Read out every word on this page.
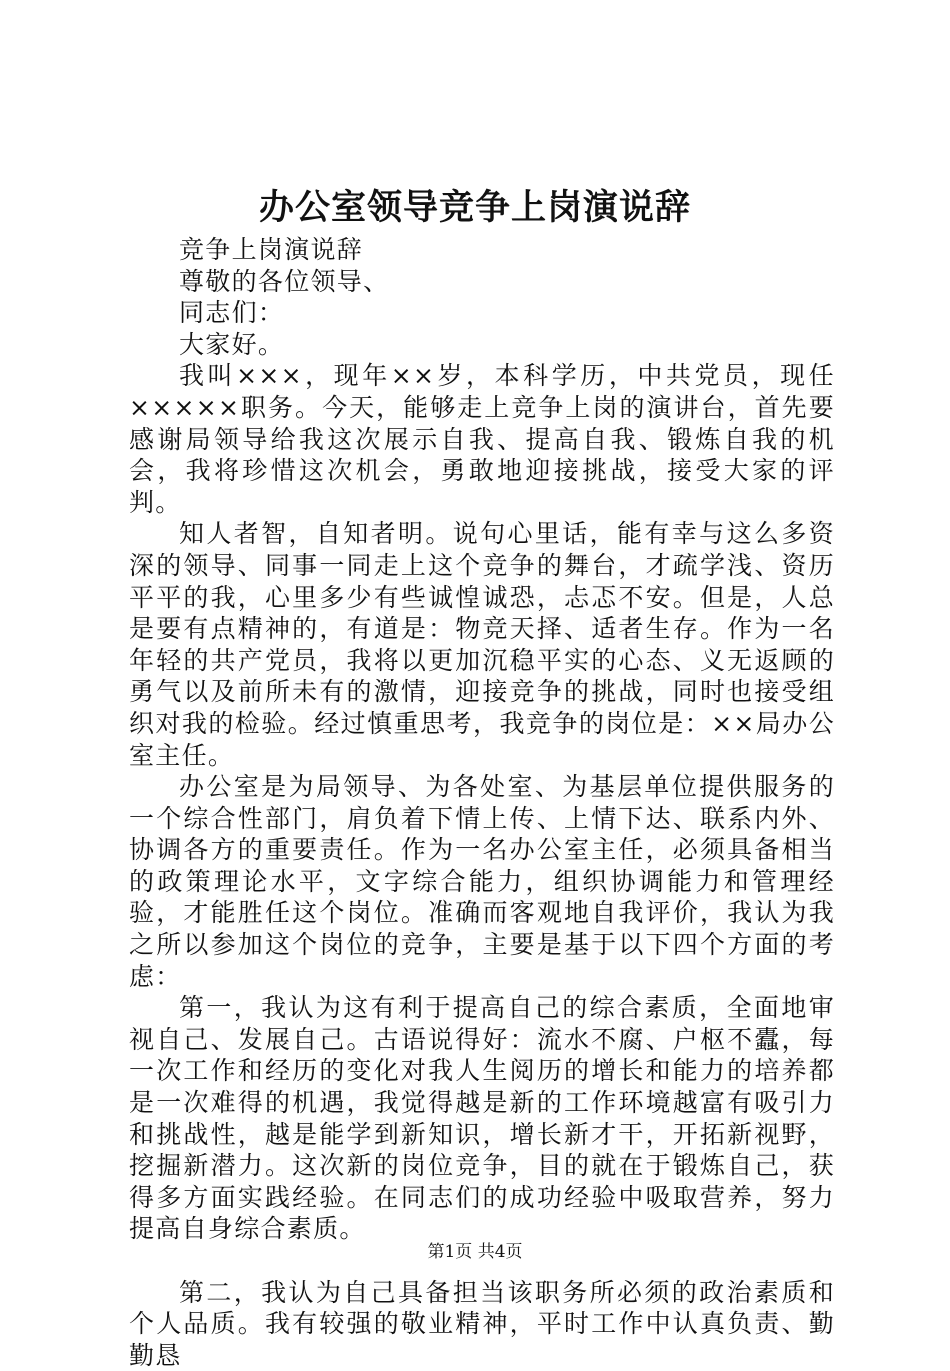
办公室领导竞争上岗演说辞

竞争上岗演说辞

尊敬的各位领导、

同志们：

大家好。

我叫×××，现年××岁，本科学历，中共党员，现任×××××职务。今天，能够走上竞争上岗的演讲台，首先要感谢局领导给我这次展示自我、提高自我、锻炼自我的机会，我将珍惜这次机会，勇敢地迎接挑战，接受大家的评判。

知人者智，自知者明。说句心里话，能有幸与这么多资深的领导、同事一同走上这个竞争的舞台，才疏学浅、资历平平的我，心里多少有些诚惶诚恐，忐忑不安。但是，人总是要有点精神的，有道是：物竞天择、适者生存。作为一名年轻的共产党员，我将以更加沉稳平实的心态、义无返顾的勇气以及前所未有的激情，迎接竞争的挑战，同时也接受组织对我的检验。经过慎重思考，我竞争的岗位是：××局办公室主任。

办公室是为局领导、为各处室、为基层单位提供服务的一个综合性部门，肩负着下情上传、上情下达、联系内外、协调各方的重要责任。作为一名办公室主任，必须具备相当的政策理论水平，文字综合能力，组织协调能力和管理经验，才能胜任这个岗位。准确而客观地自我评价，我认为我之所以参加这个岗位的竞争，主要是基于以下四个方面的考虑：

第一，我认为这有利于提高自己的综合素质，全面地审视自己、发展自己。古语说得好：流水不腐、户枢不蠹，每一次工作和经历的变化对我人生阅历的增长和能力的培养都是一次难得的机遇，我觉得越是新的工作环境越富有吸引力和挑战性，越是能学到新知识，增长新才干，开拓新视野，挖掘新潜力。这次新的岗位竞争，目的就在于锻炼自己，获得多方面实践经验。在同志们的成功经验中吸取营养，努力提高自身综合素质。

第二，我认为自己具备担当该职务所必须的政治素质和个人品质。我有较强的敬业精神，平时工作中认真负责、勤勤恳

第1页 共4页
